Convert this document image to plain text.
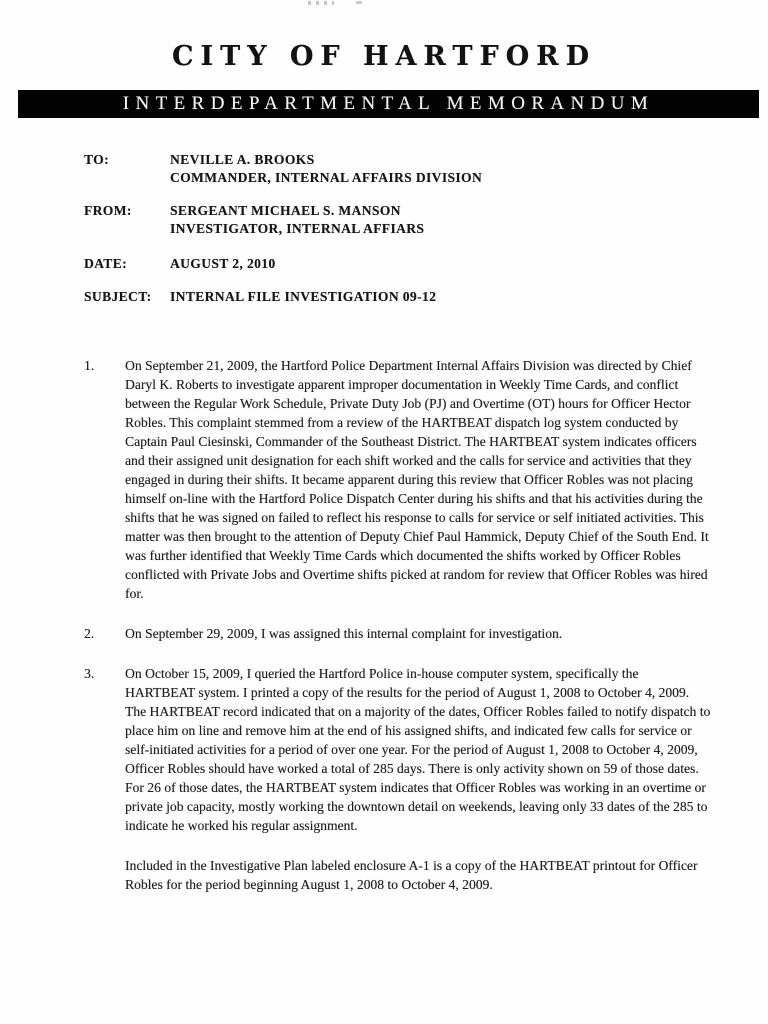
CITY OF HARTFORD
INTERDEPARTMENTAL MEMORANDUM
TO:	NEVILLE A. BROOKS
COMMANDER, INTERNAL AFFAIRS DIVISION
FROM:	SERGEANT MICHAEL S. MANSON
INVESTIGATOR, INTERNAL AFFIARS
DATE:	AUGUST 2, 2010
SUBJECT:	INTERNAL FILE INVESTIGATION 09-12
1.	On September 21, 2009, the Hartford Police Department Internal Affairs Division was directed by Chief Daryl K. Roberts to investigate apparent improper documentation in Weekly Time Cards, and conflict between the Regular Work Schedule, Private Duty Job (PJ) and Overtime (OT) hours for Officer Hector Robles. This complaint stemmed from a review of the HARTBEAT dispatch log system conducted by Captain Paul Ciesinski, Commander of the Southeast District. The HARTBEAT system indicates officers and their assigned unit designation for each shift worked and the calls for service and activities that they engaged in during their shifts. It became apparent during this review that Officer Robles was not placing himself on-line with the Hartford Police Dispatch Center during his shifts and that his activities during the shifts that he was signed on failed to reflect his response to calls for service or self initiated activities. This matter was then brought to the attention of Deputy Chief Paul Hammick, Deputy Chief of the South End. It was further identified that Weekly Time Cards which documented the shifts worked by Officer Robles conflicted with Private Jobs and Overtime shifts picked at random for review that Officer Robles was hired for.
2.	On September 29, 2009, I was assigned this internal complaint for investigation.
3.	On October 15, 2009, I queried the Hartford Police in-house computer system, specifically the HARTBEAT system. I printed a copy of the results for the period of August 1, 2008 to October 4, 2009. The HARTBEAT record indicated that on a majority of the dates, Officer Robles failed to notify dispatch to place him on line and remove him at the end of his assigned shifts, and indicated few calls for service or self-initiated activities for a period of over one year. For the period of August 1, 2008 to October 4, 2009, Officer Robles should have worked a total of 285 days. There is only activity shown on 59 of those dates. For 26 of those dates, the HARTBEAT system indicates that Officer Robles was working in an overtime or private job capacity, mostly working the downtown detail on weekends, leaving only 33 dates of the 285 to indicate he worked his regular assignment.
Included in the Investigative Plan labeled enclosure A-1 is a copy of the HARTBEAT printout for Officer Robles for the period beginning August 1, 2008 to October 4, 2009.
